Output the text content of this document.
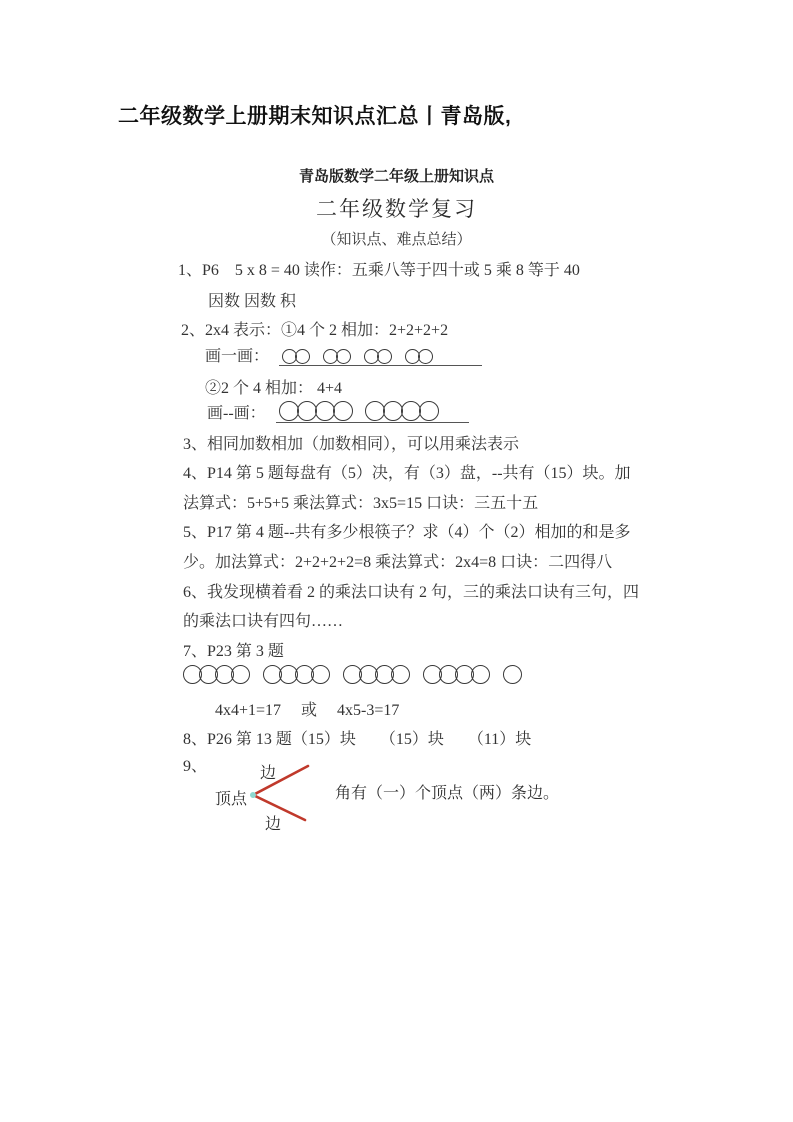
二年级数学上册期末知识点汇总丨青岛版,
青岛版数学二年级上册知识点
二年级数学复习
（知识点、难点总结）
1、P6　5 x 8 = 40 读作：五乘八等于四十或 5 乘 8 等于 40
因数 因数 积
2、2x4 表示：①4 个 2 相加：2+2+2+2
画一画：
②2 个 4 相加： 4+4
画--画：
3、相同加数相加（加数相同），可以用乘法表示
4、P14 第 5 题每盘有（5）决，有（3）盘，--共有（15）块。加
法算式：5+5+5 乘法算式：3x5=15 口诀：三五十五
5、P17 第 4 题--共有多少根筷子？求（4）个（2）相加的和是多
少。加法算式：2+2+2+2=8 乘法算式：2x4=8 口诀：二四得八
6、我发现横着看 2 的乘法口诀有 2 句，三的乘法口诀有三句，四
的乘法口诀有四句……
7、P23 第 3 题
4x4+1=17　 或 　4x5-3=17
8、P26 第 13 题（15）块　　（15）块　　（11）块
9、
顶点
边
边
角有（一）个顶点（两）条边。
